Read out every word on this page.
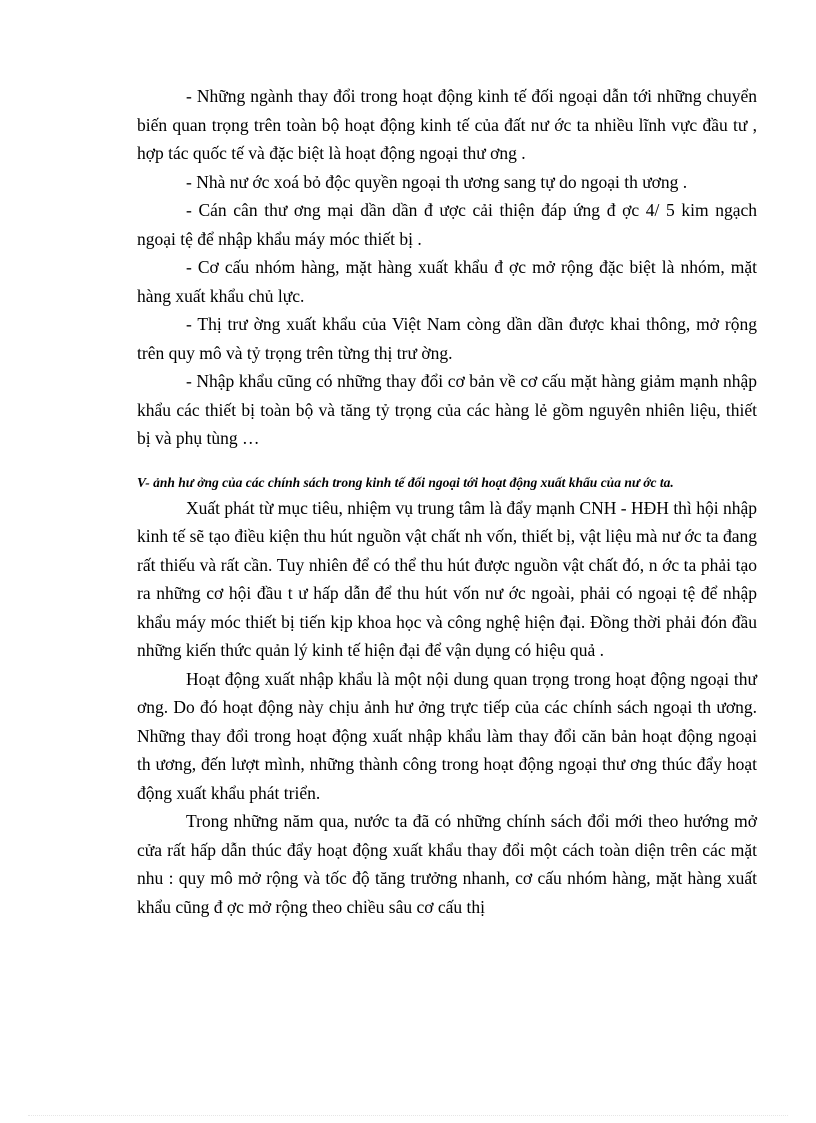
- Những ngành thay đổi trong hoạt động kinh tế đối ngoại dẫn tới những chuyển biến quan trọng trên toàn bộ hoạt động kinh tế của đất nư ớc ta nhiều lĩnh vực đầu tư , hợp tác quốc tế và đặc biệt là hoạt động ngoại thư ơng .

- Nhà nư ớc xoá bỏ độc quyền ngoại th ương sang tự do ngoại th ương .

- Cán cân thư ơng mại dần dần đ ược cải thiện đáp ứng đ ợc 4/ 5 kim ngạch ngoại tệ để nhập khẩu máy móc thiết bị .

- Cơ cấu nhóm hàng, mặt hàng xuất khẩu đ ợc mở rộng đặc biệt là nhóm, mặt hàng xuất khẩu chủ lực.

- Thị trư ờng xuất khẩu của Việt Nam còng dần dần được khai thông, mở rộng trên quy mô và tỷ trọng trên từng thị trư ờng.

- Nhập khẩu cũng có những thay đổi cơ bản về cơ cấu mặt hàng giảm mạnh nhập khẩu các thiết bị toàn bộ và tăng tỷ trọng của các hàng lẻ gồm nguyên nhiên liệu, thiết bị và phụ tùng …

V- ảnh hư ởng của các chính sách trong kinh tế đối ngoại tới hoạt động xuất khẩu của nư ớc ta.

Xuất phát từ mục tiêu, nhiệm vụ trung tâm là đẩy mạnh CNH - HĐH thì hội nhập kinh tế sẽ tạo điều kiện thu hút nguồn vật chất nh vốn, thiết bị, vật liệu mà nư ớc ta đang rất thiếu và rất cần. Tuy nhiên để có thể thu hút được nguồn vật chất đó, n ớc ta phải tạo ra những cơ hội đầu t ư hấp dẫn để thu hút vốn nư ớc ngoài, phải có ngoại tệ để nhập khẩu máy móc thiết bị tiến kịp khoa học và công nghệ hiện đại. Đồng thời phải đón đầu những kiến thức quản lý kinh tế hiện đại để vận dụng có hiệu quả .

Hoạt động xuất nhập khẩu là một nội dung quan trọng trong hoạt động ngoại thư ơng. Do đó hoạt động này chịu ảnh hư ởng trực tiếp của các chính sách ngoại th ương. Những thay đổi trong hoạt động xuất nhập khẩu làm thay đổi căn bản hoạt động ngoại th ương, đến lượt mình, những thành công trong hoạt động ngoại thư ơng thúc đẩy hoạt động xuất khẩu phát triển.

Trong những năm qua, nước ta đã có những chính sách đổi mới theo hướng mở cửa rất hấp dẫn thúc đẩy hoạt động xuất khẩu thay đổi một cách toàn diện trên các mặt nhu : quy mô mở rộng và tốc độ tăng trưởng nhanh, cơ cấu nhóm hàng, mặt hàng xuất khẩu cũng đ ợc mở rộng theo chiều sâu cơ cấu thị
